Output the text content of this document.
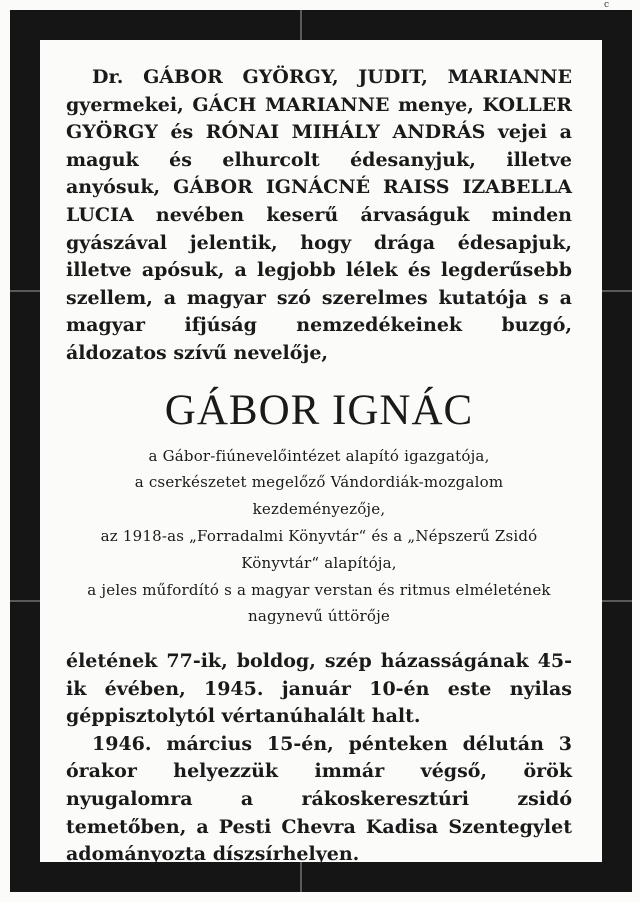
c

Dr. GÁBOR GYÖRGY, JUDIT, MARIANNE gyermekei, GÁCH MARIANNE menye, KOLLER GYÖRGY és RÓNAI MIHÁLY ANDRÁS vejei a maguk és elhurcolt édesanyjuk, illetve anyósuk, GÁBOR IGNÁCNÉ RAISS IZABELLA LUCIA nevében keserű árvaságuk minden gyászával jelentik, hogy drága édesapjuk, illetve apósuk, a legjobb lélek és legderűsebb szellem, a magyar szó szerelmes kutatója s a magyar ifjúság nemzedékeinek buzgó, áldozatos szívű nevelője,

GÁBOR IGNÁC
a Gábor-fiúnevelőintézet alapító igazgatója,
a cserkészetet megelőző Vándordiák-mozgalom kezdeményezője,
az 1918-as „Forradalmi Könyvtár“ és a „Népszerű Zsidó Könyvtár“ alapítója,
a jeles műfordító s a magyar verstan és ritmus elméletének nagynevű úttörője

életének 77-ik, boldog, szép házasságának 45-ik évében, 1945. január 10-én este nyilas géppisztolytól vértanúhalált halt.

1946. március 15-én, pénteken délután 3 órakor helyezzük immár végső, örök nyugalomra a rákoskeresztúri zsidó temetőben, a Pesti Chevra Kadisa Szentegylet adományozta díszsírhelyen.
